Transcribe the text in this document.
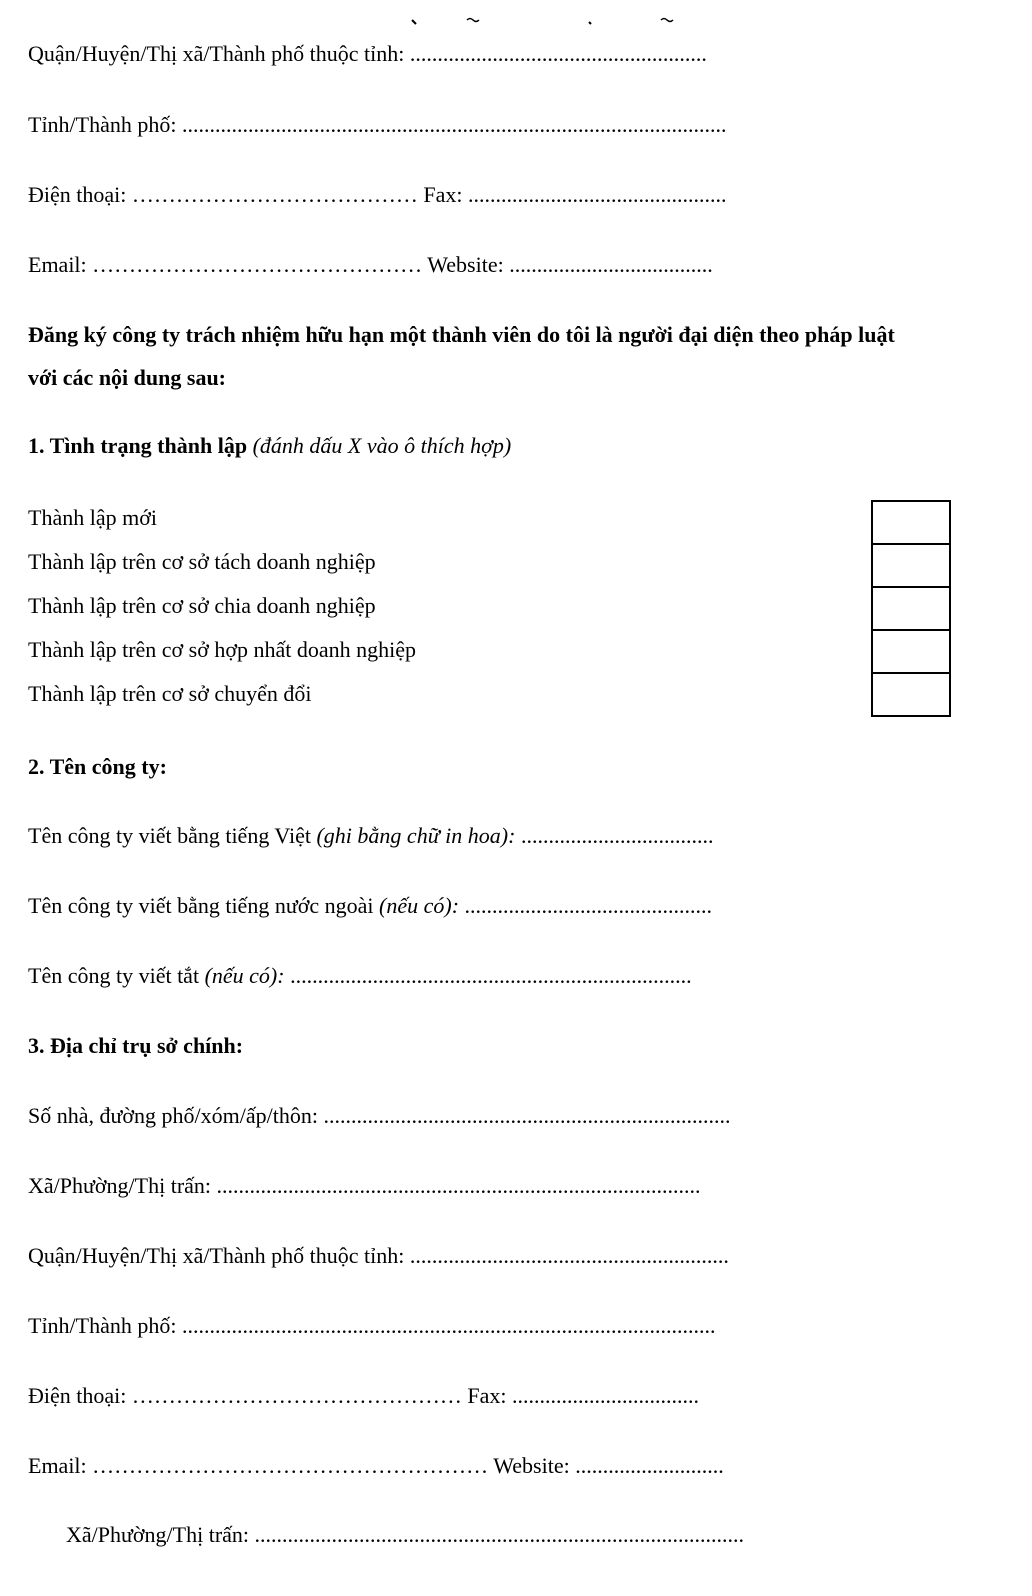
Quận/Huyện/Thị xã/Thành phố thuộc tỉnh: ......................................................
Tỉnh/Thành phố: ...................................................................................................
Điện thoại: ………………………………… Fax: ...............................................
Email: ……………………………………… Website: .....................................
Đăng ký công ty trách nhiệm hữu hạn một thành viên do tôi là người đại diện theo pháp luật
với các nội dung sau:
1. Tình trạng thành lập (đánh dấu X vào ô thích hợp)
Thành lập mới
Thành lập trên cơ sở tách doanh nghiệp
Thành lập trên cơ sở chia doanh nghiệp
Thành lập trên cơ sở hợp nhất doanh nghiệp
Thành lập trên cơ sở chuyển đổi
2. Tên công ty:
Tên công ty viết bằng tiếng Việt (ghi bằng chữ in hoa): ...................................
Tên công ty viết bằng tiếng nước ngoài (nếu có): .............................................
Tên công ty viết tắt (nếu có): .........................................................................
3. Địa chỉ trụ sở chính:
Số nhà, đường phố/xóm/ấp/thôn: ..........................................................................
Xã/Phường/Thị trấn: ........................................................................................
Quận/Huyện/Thị xã/Thành phố thuộc tỉnh: ..........................................................
Tỉnh/Thành phố: .................................................................................................
Điện thoại: ……………………………………… Fax: ..................................
Email: ……………………………………………… Website: ...........................
Xã/Phường/Thị trấn: .........................................................................................
